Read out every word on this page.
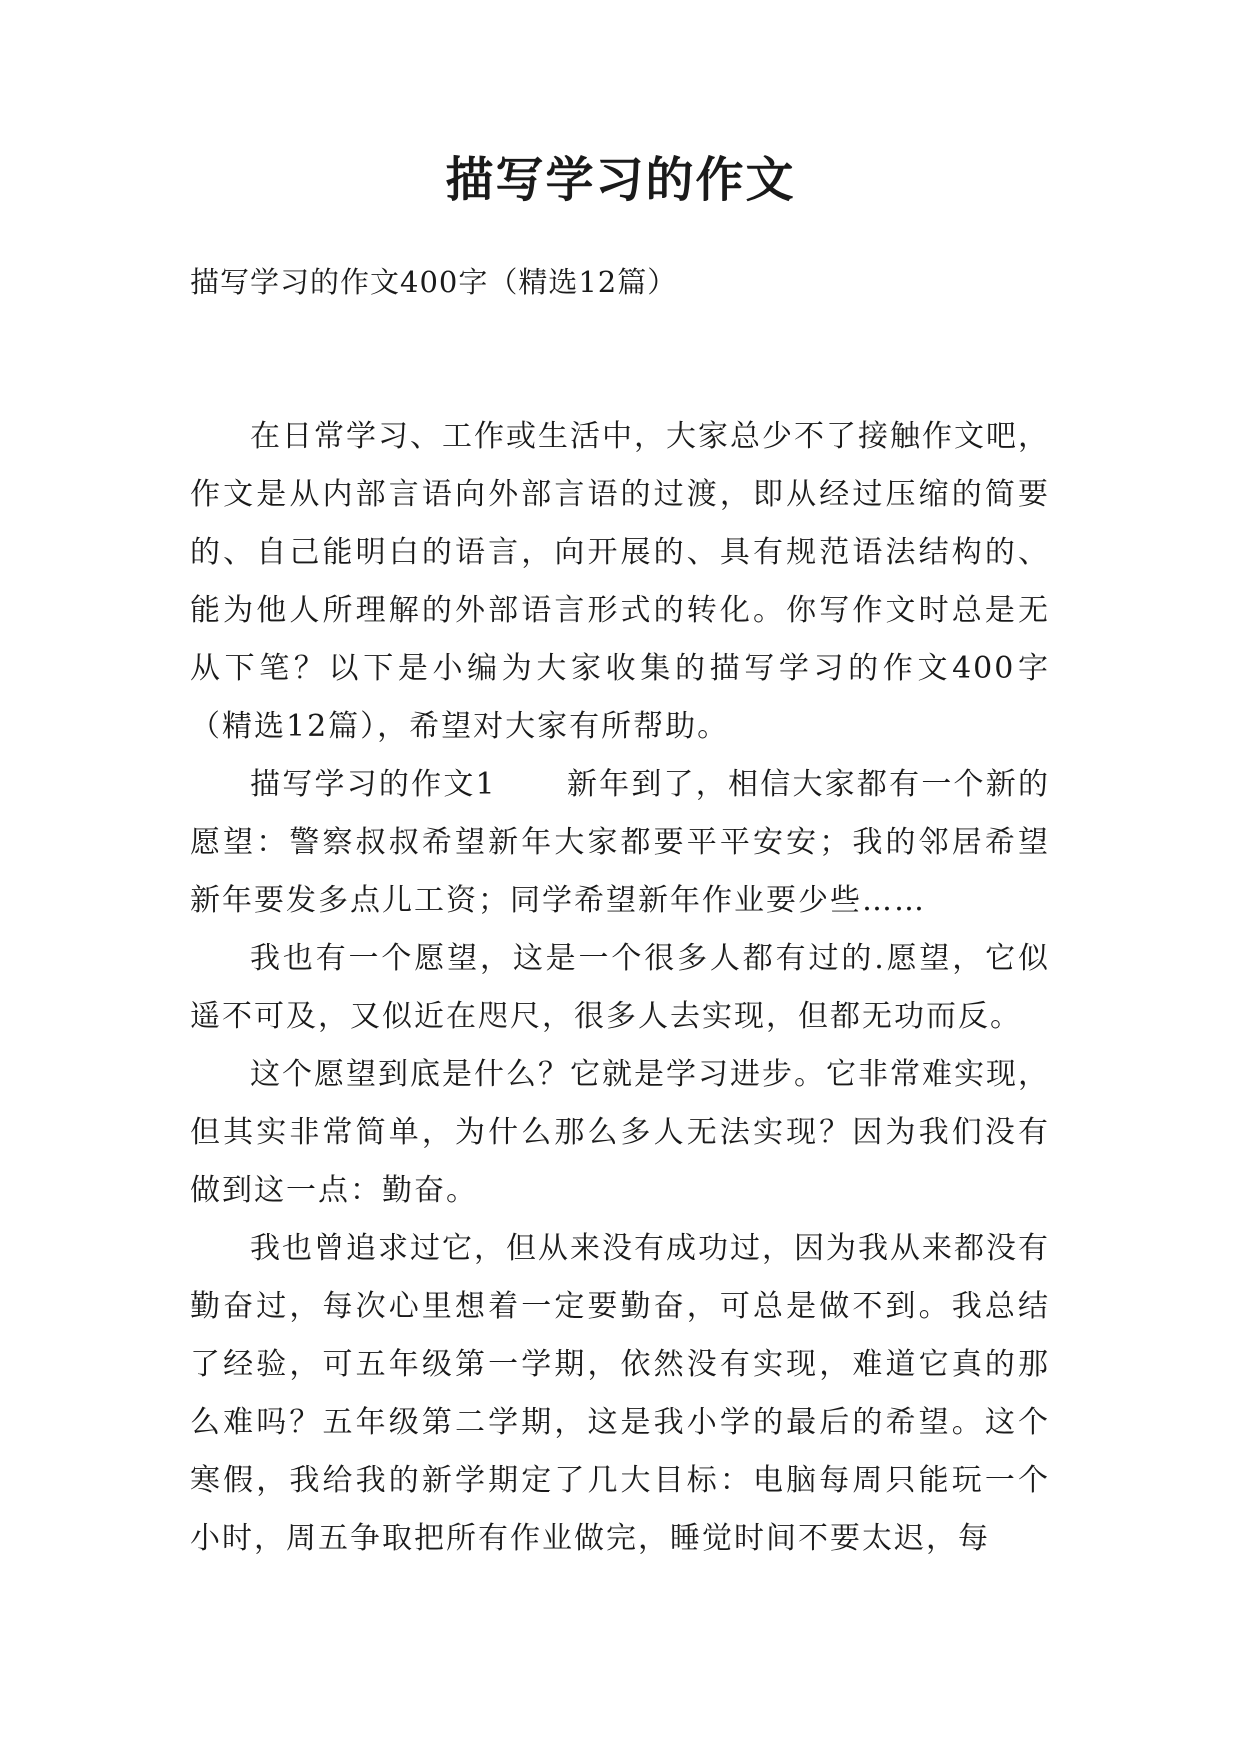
描写学习的作文

描写学习的作文400字（精选12篇）

在日常学习、工作或生活中，大家总少不了接触作文吧，作文是从内部言语向外部言语的过渡，即从经过压缩的简要的、自己能明白的语言，向开展的、具有规范语法结构的、能为他人所理解的外部语言形式的转化。你写作文时总是无从下笔？以下是小编为大家收集的描写学习的作文400字（精选12篇），希望对大家有所帮助。

描写学习的作文1 新年到了，相信大家都有一个新的愿望：警察叔叔希望新年大家都要平平安安；我的邻居希望新年要发多点儿工资；同学希望新年作业要少些……

我也有一个愿望，这是一个很多人都有过的.愿望，它似遥不可及，又似近在咫尺，很多人去实现，但都无功而反。

这个愿望到底是什么？它就是学习进步。它非常难实现，但其实非常简单，为什么那么多人无法实现？因为我们没有做到这一点：勤奋。

我也曾追求过它，但从来没有成功过，因为我从来都没有勤奋过，每次心里想着一定要勤奋，可总是做不到。我总结了经验，可五年级第一学期，依然没有实现，难道它真的那么难吗？五年级第二学期，这是我小学的最后的希望。这个寒假，我给我的新学期定了几大目标：电脑每周只能玩一个小时，周五争取把所有作业做完，睡觉时间不要太迟，每
